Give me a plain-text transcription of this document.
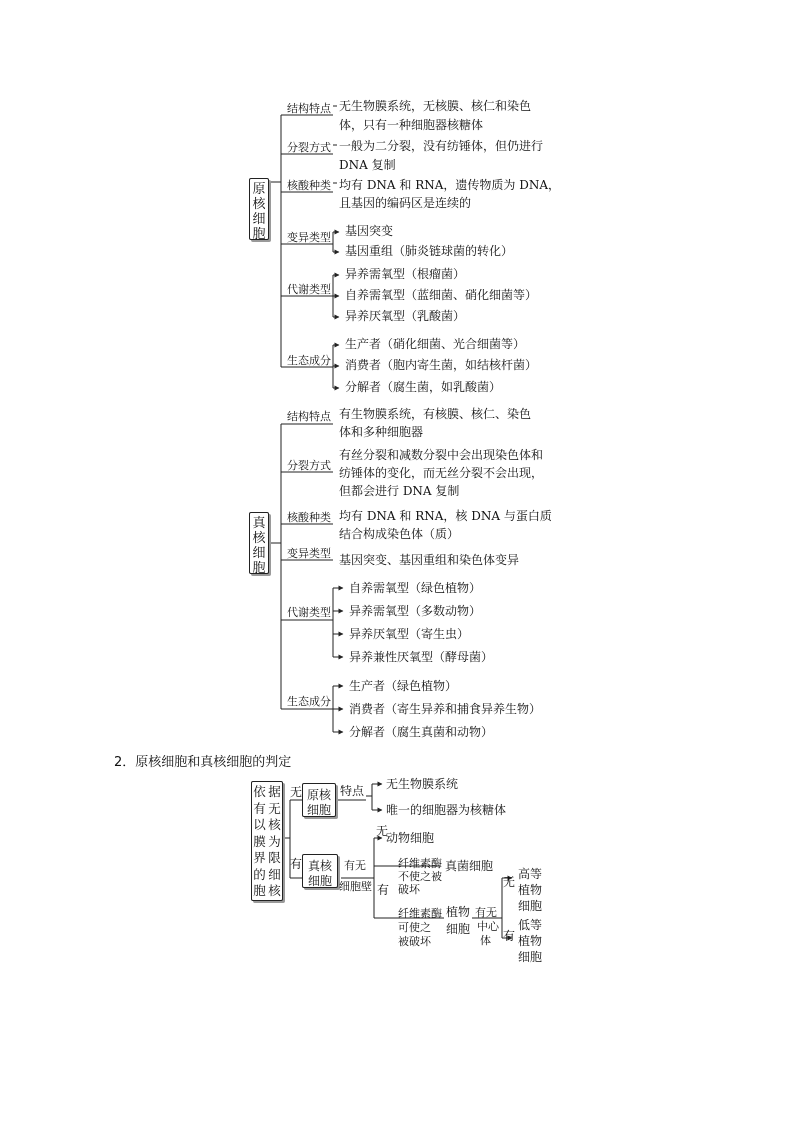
原
核
细
胞
结构特点 无生物膜系统，无核膜、核仁和染色
体，只有一种细胞器核糖体
分裂方式 一般为二分裂，没有纺锤体，但仍进行
DNA 复制
核酸种类 均有 DNA 和 RNA，遗传物质为 DNA，
且基因的编码区是连续的
变异类型 基因突变
基因重组（肺炎链球菌的转化）
代谢类型
异养需氧型（根瘤菌）
自养需氧型（蓝细菌、硝化细菌等）
异养厌氧型（乳酸菌）
生态成分
生产者（硝化细菌、光合细菌等）
消费者（胞内寄生菌，如结核杆菌）
分解者（腐生菌，如乳酸菌）
真
核
细
胞
结构特点 有生物膜系统，有核膜、核仁、染色
体和多种细胞器
分裂方式
有丝分裂和减数分裂中会出现染色体和
纺锤体的变化，而无丝分裂不会出现，
但都会进行 DNA 复制
核酸种类 均有 DNA 和 RNA，核 DNA 与蛋白质
结合构成染色体（质）
变异类型 基因突变、基因重组和染色体变异
代谢类型
自养需氧型（绿色植物）
异养需氧型（多数动物）
异养厌氧型（寄生虫）
异养兼性厌氧型（酵母菌）
生态成分
生产者（绿色植物）
消费者（寄生异养和捕食异养生物）
分解者（腐生真菌和动物）
2．原核细胞和真核细胞的判定
依 据
有 无
以 核
膜 为
界 限
的 细
胞 核
无
有
原核
细胞
特点 无生物膜系统
唯一的细胞器为核糖体
真核
细胞
有无
细胞壁
无
动物细胞
有
纤维素酶
不使之被
破坏
真菌细胞
纤维素酶
可使之
被破坏
植物
细胞
有无
中心
体
无
有
高等
植物
细胞
低等
植物
细胞
